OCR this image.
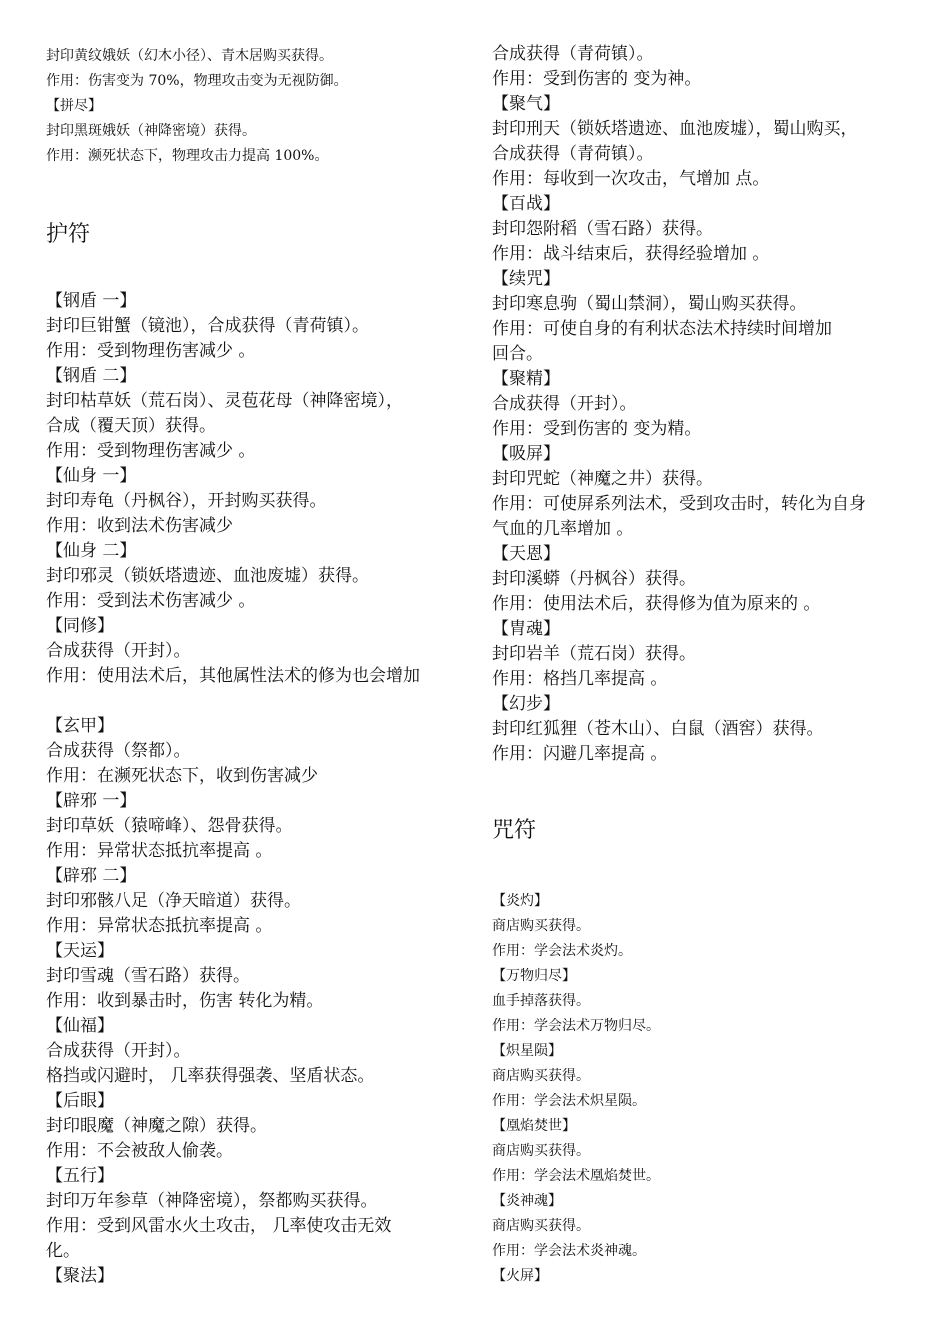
封印黄纹娥妖（幻木小径）、青木居购买获得。
作用：伤害变为 70%，物理攻击变为无视防御。
【拼尽】
封印黑斑娥妖（神降密境）获得。
作用：濒死状态下，物理攻击力提高 100%。
护符
【钢盾 一】
封印巨钳蟹（镜池），合成获得（青荷镇）。
作用：受到物理伤害减少 。
【钢盾 二】
封印枯草妖（荒石岗）、灵苞花母（神降密境），
合成（覆天顶）获得。
作用：受到物理伤害减少 。
【仙身 一】
封印寿龟（丹枫谷），开封购买获得。
作用：收到法术伤害减少
【仙身 二】
封印邪灵（锁妖塔遗迹、血池废墟）获得。
作用：受到法术伤害减少 。
【同修】
合成获得（开封）。
作用：使用法术后，其他属性法术的修为也会增加

【玄甲】
合成获得（祭都）。
作用：在濒死状态下，收到伤害减少
【辟邪 一】
封印草妖（猿啼峰）、怨骨获得。
作用：异常状态抵抗率提高 。
【辟邪 二】
封印邪骸八足（净天暗道）获得。
作用：异常状态抵抗率提高 。
【天运】
封印雪魂（雪石路）获得。
作用：收到暴击时，伤害 转化为精。
【仙福】
合成获得（开封）。
格挡或闪避时， 几率获得强袭、坚盾状态。
【后眼】
封印眼魔（神魔之隙）获得。
作用：不会被敌人偷袭。
【五行】
封印万年参草（神降密境），祭都购买获得。
作用：受到风雷水火土攻击， 几率使攻击无效
化。
【聚法】
合成获得（青荷镇）。
作用：受到伤害的 变为神。
【聚气】
封印刑天（锁妖塔遗迹、血池废墟），蜀山购买，
合成获得（青荷镇）。
作用：每收到一次攻击，气增加 点。
【百战】
封印怨附稻（雪石路）获得。
作用：战斗结束后，获得经验增加 。
【续咒】
封印寒息驹（蜀山禁洞），蜀山购买获得。
作用：可使自身的有利状态法术持续时间增加
回合。
【聚精】
合成获得（开封）。
作用：受到伤害的 变为精。
【吸屏】
封印咒蛇（神魔之井）获得。
作用：可使屏系列法术，受到攻击时，转化为自身
气血的几率增加 。
【天恩】
封印溪蟒（丹枫谷）获得。
作用：使用法术后，获得修为值为原来的 。
【胄魂】
封印岩羊（荒石岗）获得。
作用：格挡几率提高 。
【幻步】
封印红狐狸（苍木山）、白鼠（酒窖）获得。
作用：闪避几率提高 。
咒符
【炎灼】
商店购买获得。
作用：学会法术炎灼。
【万物归尽】
血手掉落获得。
作用：学会法术万物归尽。
【炽星陨】
商店购买获得。
作用：学会法术炽星陨。
【凰焰焚世】
商店购买获得。
作用：学会法术凰焰焚世。
【炎神魂】
商店购买获得。
作用：学会法术炎神魂。
【火屏】
